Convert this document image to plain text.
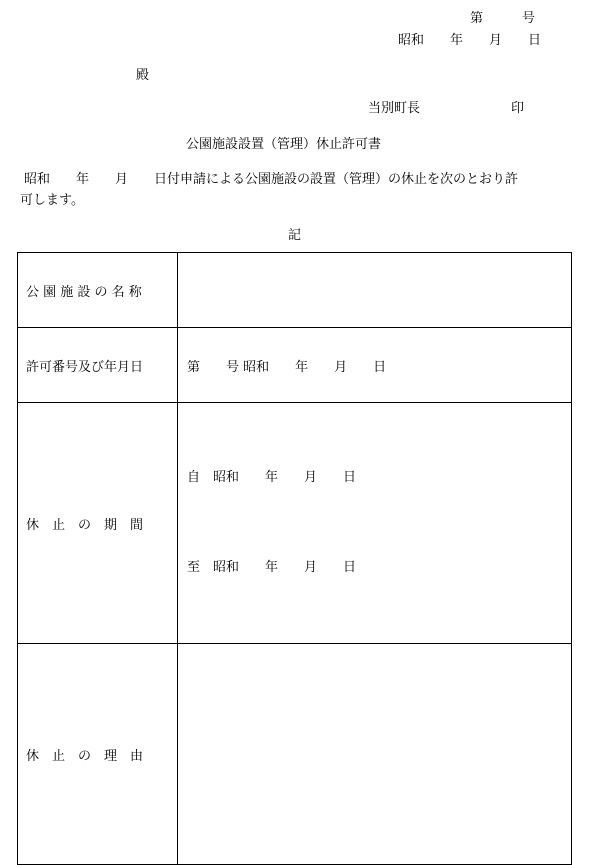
第　　　号
昭和　　年　　月　　日
殿
当別町長　　　　　　　印
公園施設設置（管理）休止許可書
昭和　　年　　月　　日付申請による公園施設の設置（管理）の休止を次のとおり許
可します。
記
公 園 施 設 の 名 称	
許可番号及び年月日	第　　号 昭和　　年　　月　　日
休　止　の　期　間	自　昭和　　年　　月　　日

至　昭和　　年　　月　　日

休　止　の　理　由	
